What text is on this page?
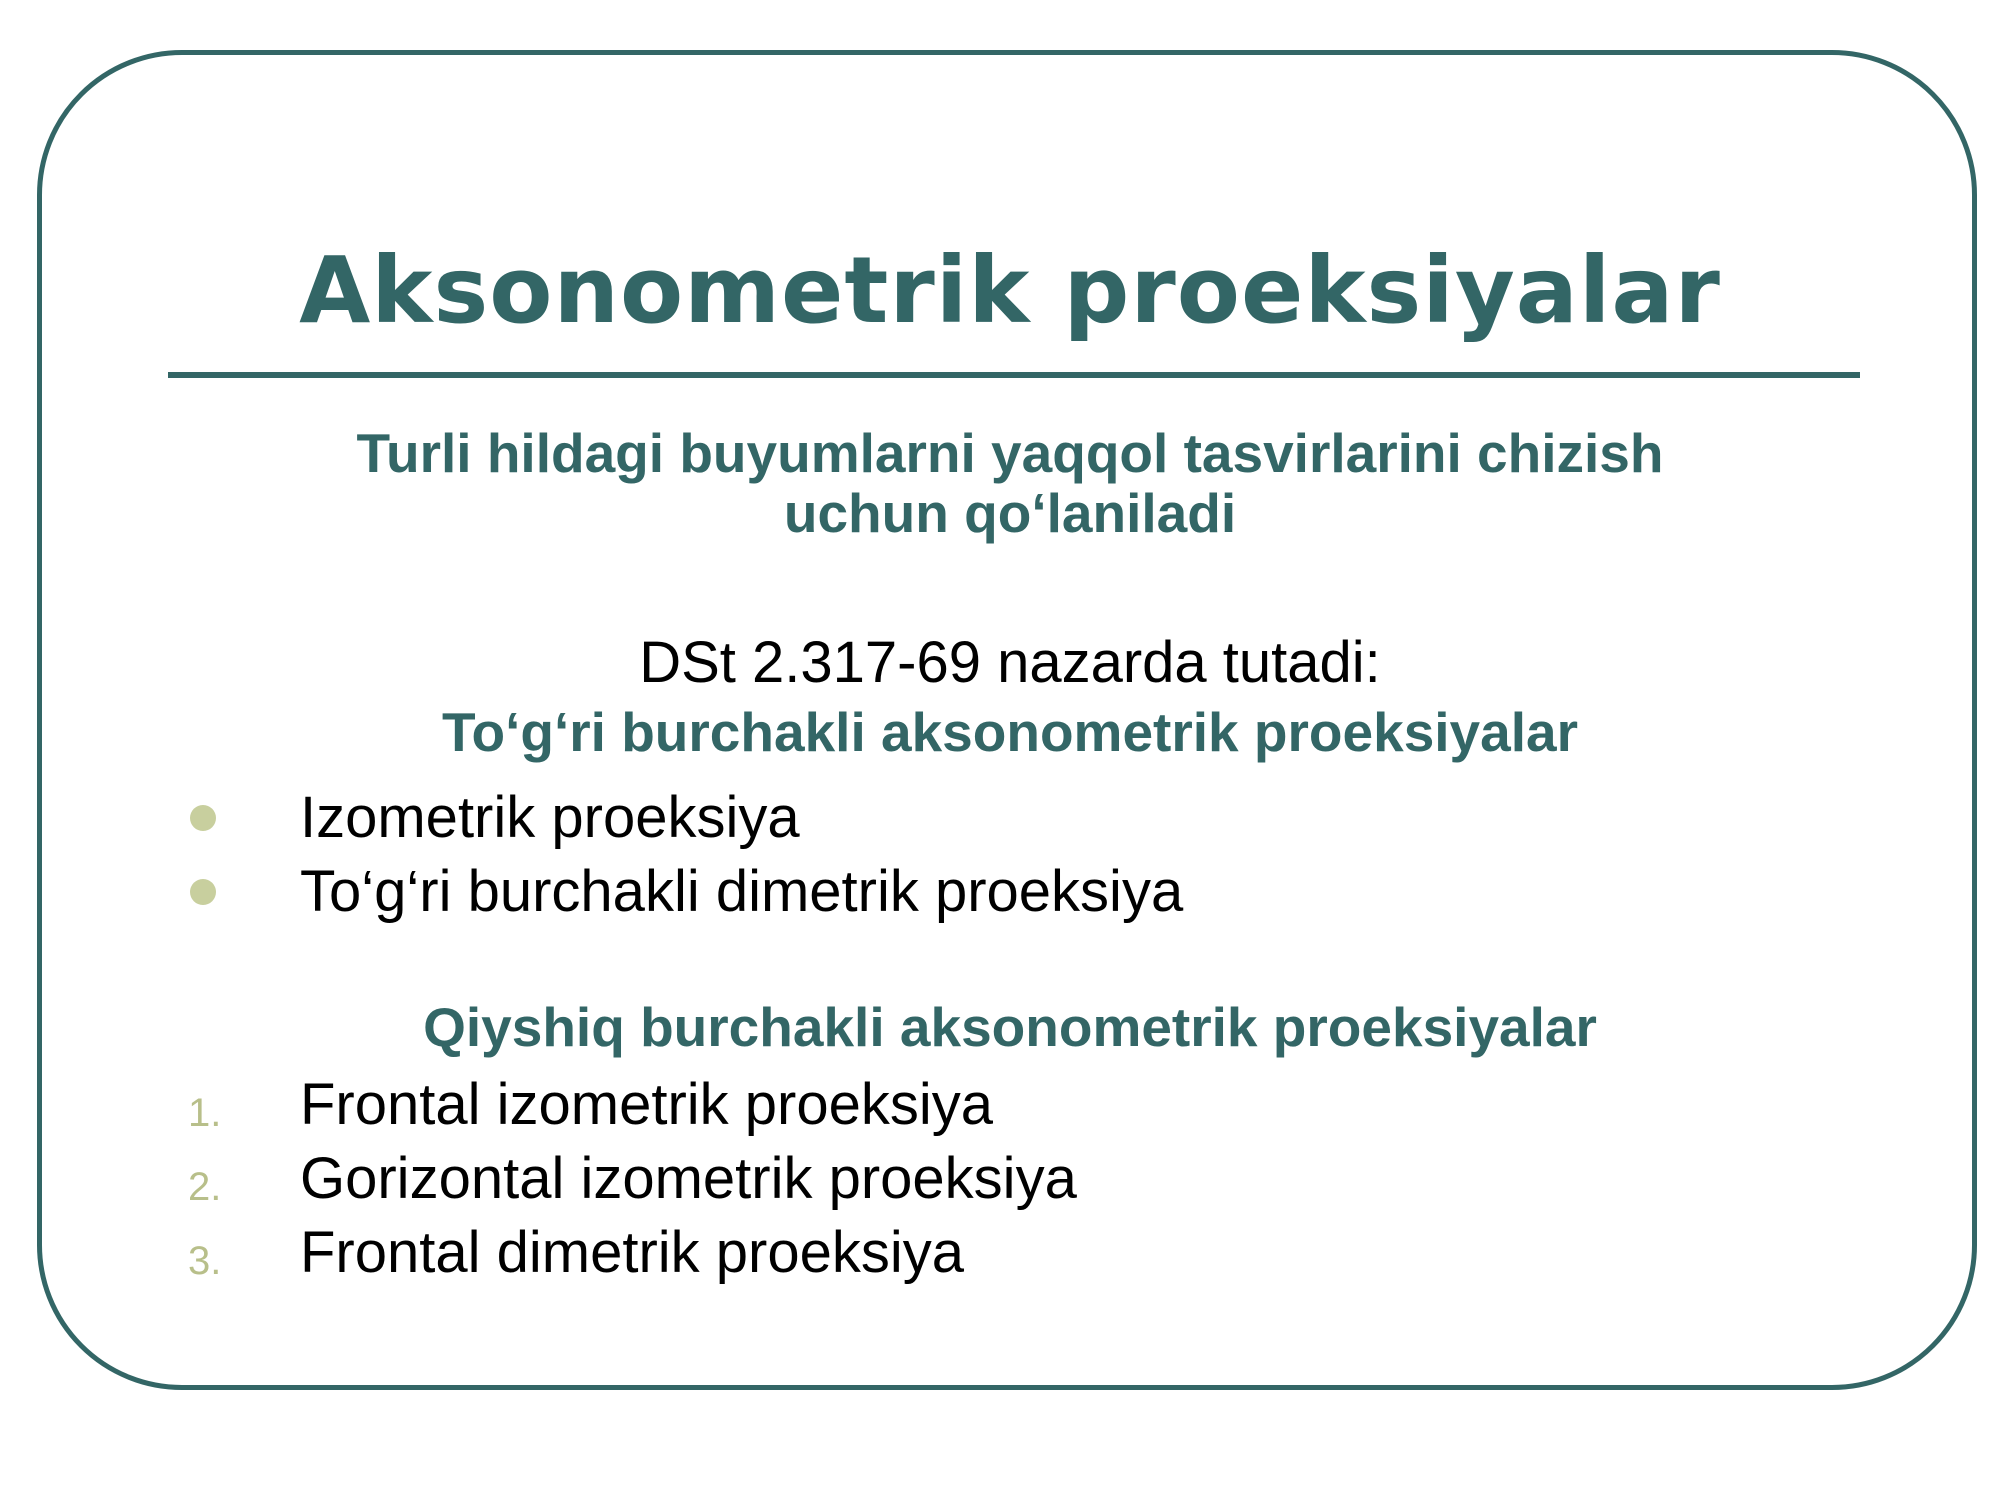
Aksonometrik proeksiyalar
Turli hildagi buyumlarni yaqqol tasvirlarini chizish
uchun qo‘laniladi
DSt 2.317-69 nazarda tutadi:
To‘g‘ri burchakli aksonometrik proeksiyalar
Izometrik proeksiya
To‘g‘ri burchakli dimetrik proeksiya
Qiyshiq burchakli aksonometrik proeksiyalar
1. Frontal izometrik proeksiya
2. Gorizontal izometrik proeksiya
3. Frontal dimetrik proeksiya
